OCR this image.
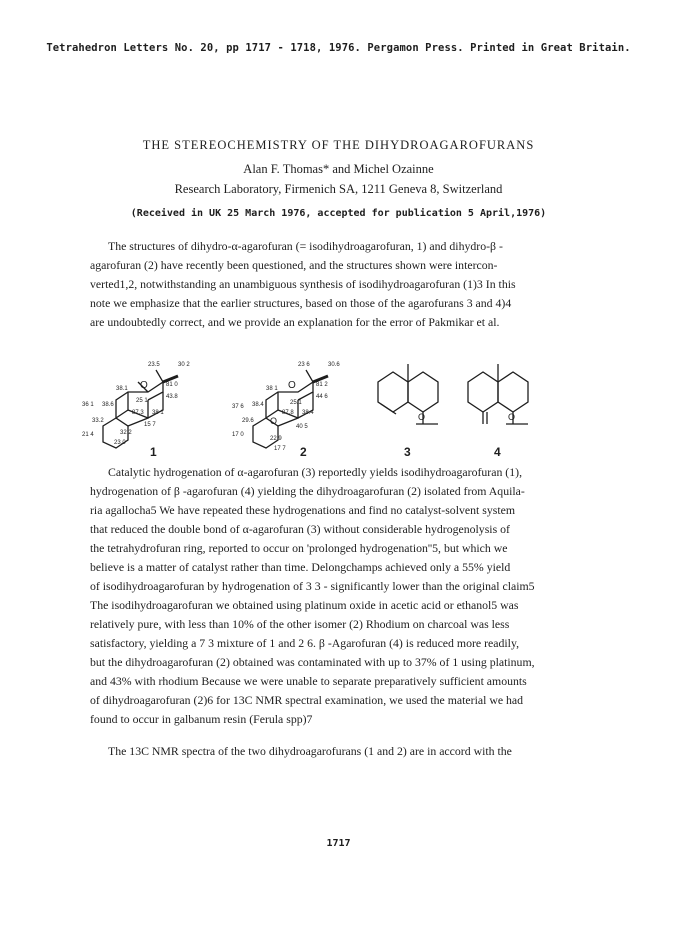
Tetrahedron Letters No. 20, pp 1717 - 1718, 1976. Pergamon Press. Printed in Great Britain.
THE STEREOCHEMISTRY OF THE DIHYDROAGAROFURANS
Alan F. Thomas* and Michel Ozainne
Research Laboratory, Firmenich SA, 1211 Geneva 8, Switzerland
(Received in UK 25 March 1976, accepted for publication 5 April,1976)
The structures of dihydro-α-agarofuran (= isodihydroagarofuran, 1) and dihydro-β -
agarofuran (2) have recently been questioned, and the structures shown were intercon-
verted1,2, notwithstanding an unambiguous synthesis of isodihydroagarofuran (1)3 In this
note we emphasize that the earlier structures, based on those of the agarofurans 3 and 4)4
are undoubtedly correct, and we provide an explanation for the error of Pakmikar et al.
O	O
O	O	O
23.5	30 2
81 0
43.8
38.1
25 1
36 1 38.6
33.2
87.3 38 1
15 7
21 4	32 2
23.0
23 6	30.6
81 2
44 6
38 1
25.1
37 6 38.4
29.6
87.8 38.4
40 5
17 0
22 9
17 7
1	2	3	4
Catalytic hydrogenation of α-agarofuran (3) reportedly yields isodihydroagarofuran (1),
hydrogenation of β -agarofuran (4) yielding the dihydroagarofuran (2) isolated from Aquila-
ria agallocha5 We have repeated these hydrogenations and find no catalyst-solvent system
that reduced the double bond of α-agarofuran (3) without considerable hydrogenolysis of
the tetrahydrofuran ring, reported to occur on 'prolonged hydrogenation''5, but which we
believe is a matter of catalyst rather than time. Delongchamps achieved only a 55% yield
of isodihydroagarofuran by hydrogenation of 3 3 - significantly lower than the original claim5
The isodihydroagarofuran we obtained using platinum oxide in acetic acid or ethanol5 was
relatively pure, with less than 10% of the other isomer (2) Rhodium on charcoal was less
satisfactory, yielding a 7 3 mixture of 1 and 2 6. β -Agarofuran (4) is reduced more readily,
but the dihydroagarofuran (2) obtained was contaminated with up to 37% of 1 using platinum,
and 43% with rhodium Because we were unable to separate preparatively sufficient amounts
of dihydroagarofuran (2)6 for 13C NMR spectral examination, we used the material we had
found to occur in galbanum resin (Ferula spp)7
The 13C NMR spectra of the two dihydroagarofurans (1 and 2) are in accord with the
1717
